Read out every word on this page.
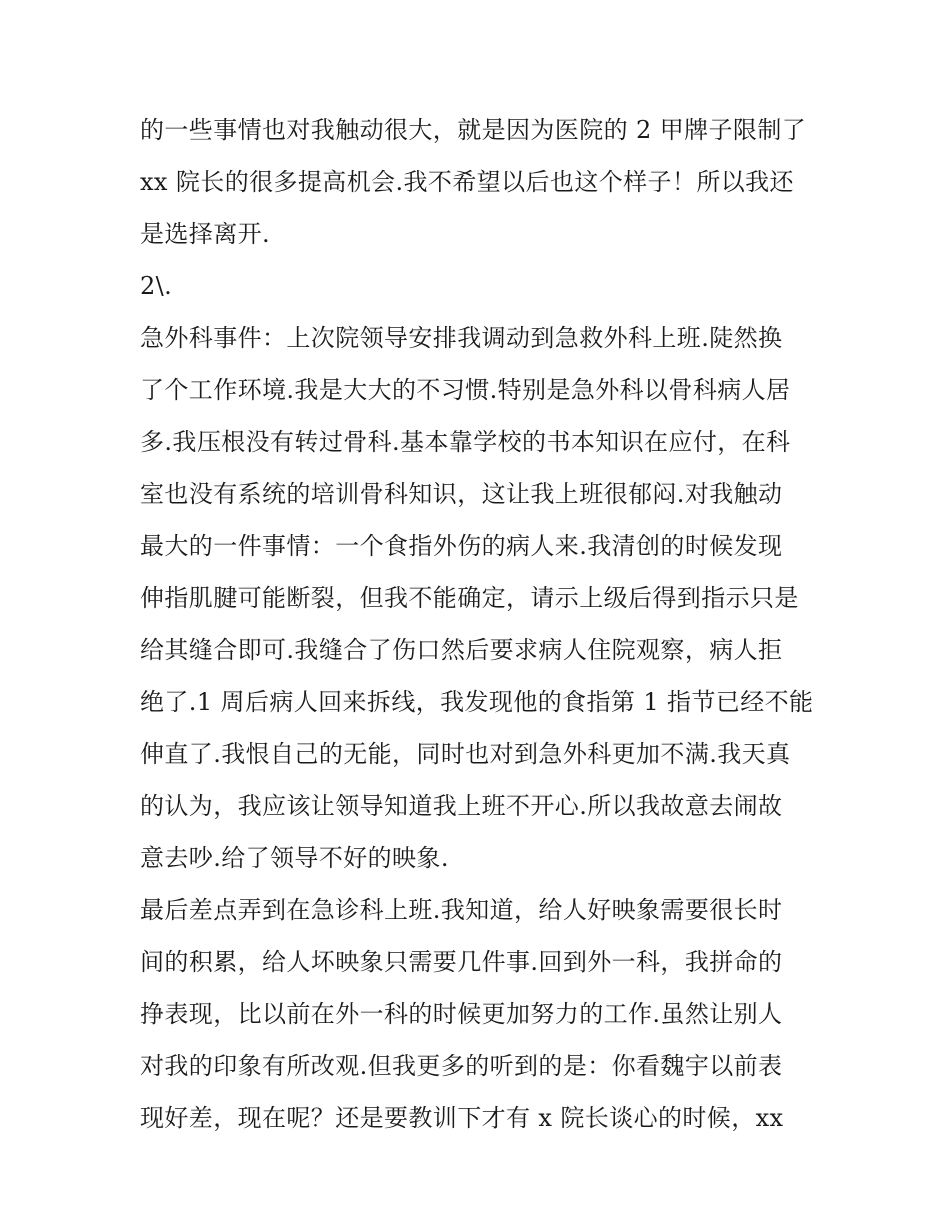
的一些事情也对我触动很大，就是因为医院的 2 甲牌子限制了
xx 院长的很多提高机会.我不希望以后也这个样子！所以我还
是选择离开.
2\.
急外科事件：上次院领导安排我调动到急救外科上班.陡然换
了个工作环境.我是大大的不习惯.特别是急外科以骨科病人居
多.我压根没有转过骨科.基本靠学校的书本知识在应付，在科
室也没有系统的培训骨科知识，这让我上班很郁闷.对我触动
最大的一件事情：一个食指外伤的病人来.我清创的时候发现
伸指肌腱可能断裂，但我不能确定，请示上级后得到指示只是
给其缝合即可.我缝合了伤口然后要求病人住院观察，病人拒
绝了.1 周后病人回来拆线，我发现他的食指第 1 指节已经不能
伸直了.我恨自己的无能，同时也对到急外科更加不满.我天真
的认为，我应该让领导知道我上班不开心.所以我故意去闹故
意去吵.给了领导不好的映象.
最后差点弄到在急诊科上班.我知道，给人好映象需要很长时
间的积累，给人坏映象只需要几件事.回到外一科，我拼命的
挣表现，比以前在外一科的时候更加努力的工作.虽然让别人
对我的印象有所改观.但我更多的听到的是：你看魏宇以前表
现好差，现在呢？还是要教训下才有 x 院长谈心的时候，xx
